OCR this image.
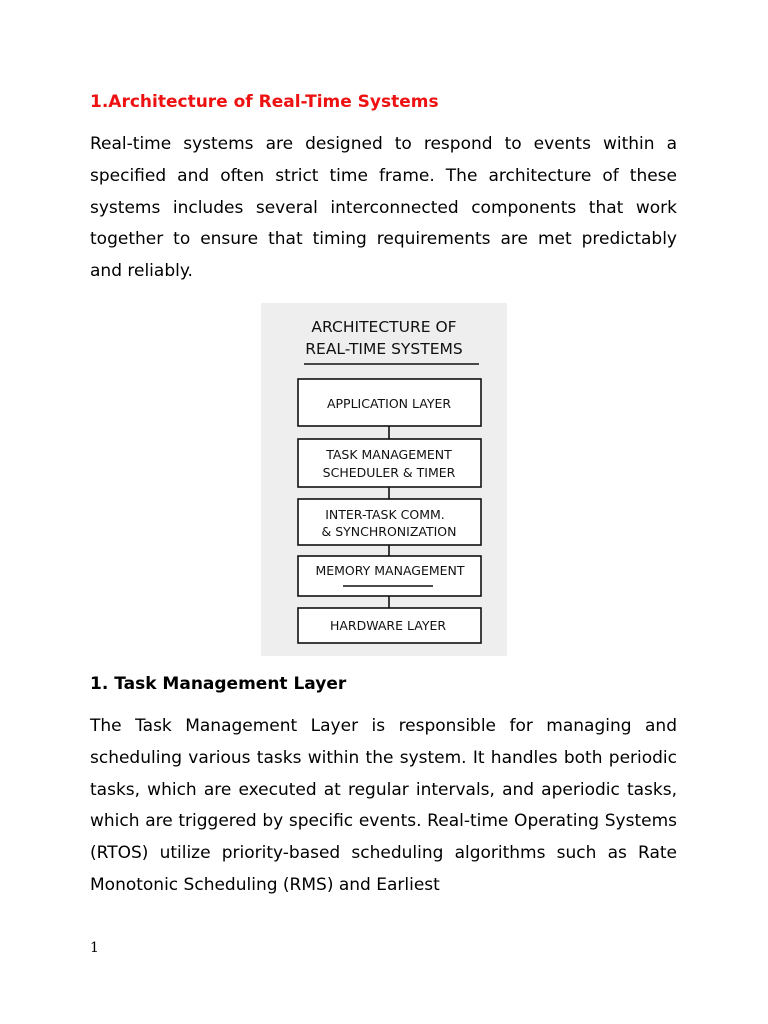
1.Architecture of Real-Time Systems

Real-time systems are designed to respond to events within a specified and often strict time frame. The architecture of these systems includes several interconnected components that work together to ensure that timing requirements are met predictably and reliably.

ARCHITECTURE OF
REAL-TIME SYSTEMS
APPLICATION LAYER
TASK MANAGEMENT
SCHEDULER & TIMER
INTER-TASK COMM.
& SYNCHRONIZATION
MEMORY MANAGEMENT
HARDWARE LAYER
1. Task Management Layer

The Task Management Layer is responsible for managing and scheduling various tasks within the system. It handles both periodic tasks, which are executed at regular intervals, and aperiodic tasks, which are triggered by specific events. Real-time Operating Systems (RTOS) utilize priority-based scheduling algorithms such as Rate Monotonic Scheduling (RMS) and Earliest

1
